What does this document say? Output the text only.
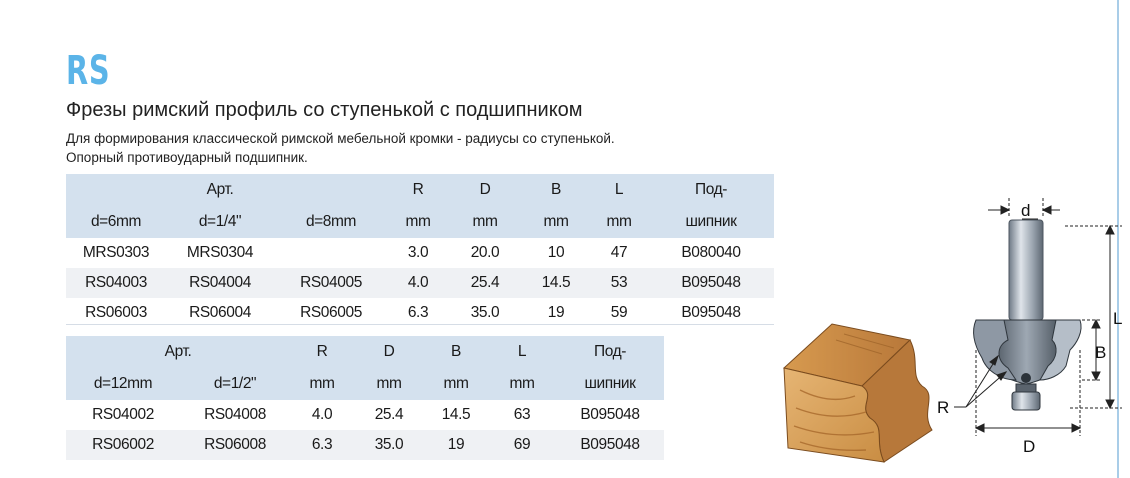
RS
Фрезы римский профиль со ступенькой с подшипником
Для формирования классической римской мебельной кромки - радиусы со ступенькой.
Опорный противоударный подшипник.
	Арт.		R	D	B	L	Под-
d=6mm	d=1/4"	d=8mm	mm	mm	mm	mm	шипник
MRS0303	MRS0304		3.0	20.0	10	47	B080040
RS04003	RS04004	RS04005	4.0	25.4	14.5	53	B095048
RS06003	RS06004	RS06005	6.3	35.0	19	59	B095048
Арт.		R	D	B	L	Под-
d=12mm	d=1/2"	mm	mm	mm	mm	шипник
RS04002	RS04008	4.0	25.4	14.5	63	B095048
RS06002	RS06008	6.3	35.0	19	69	B095048
d
L
B
R
D
